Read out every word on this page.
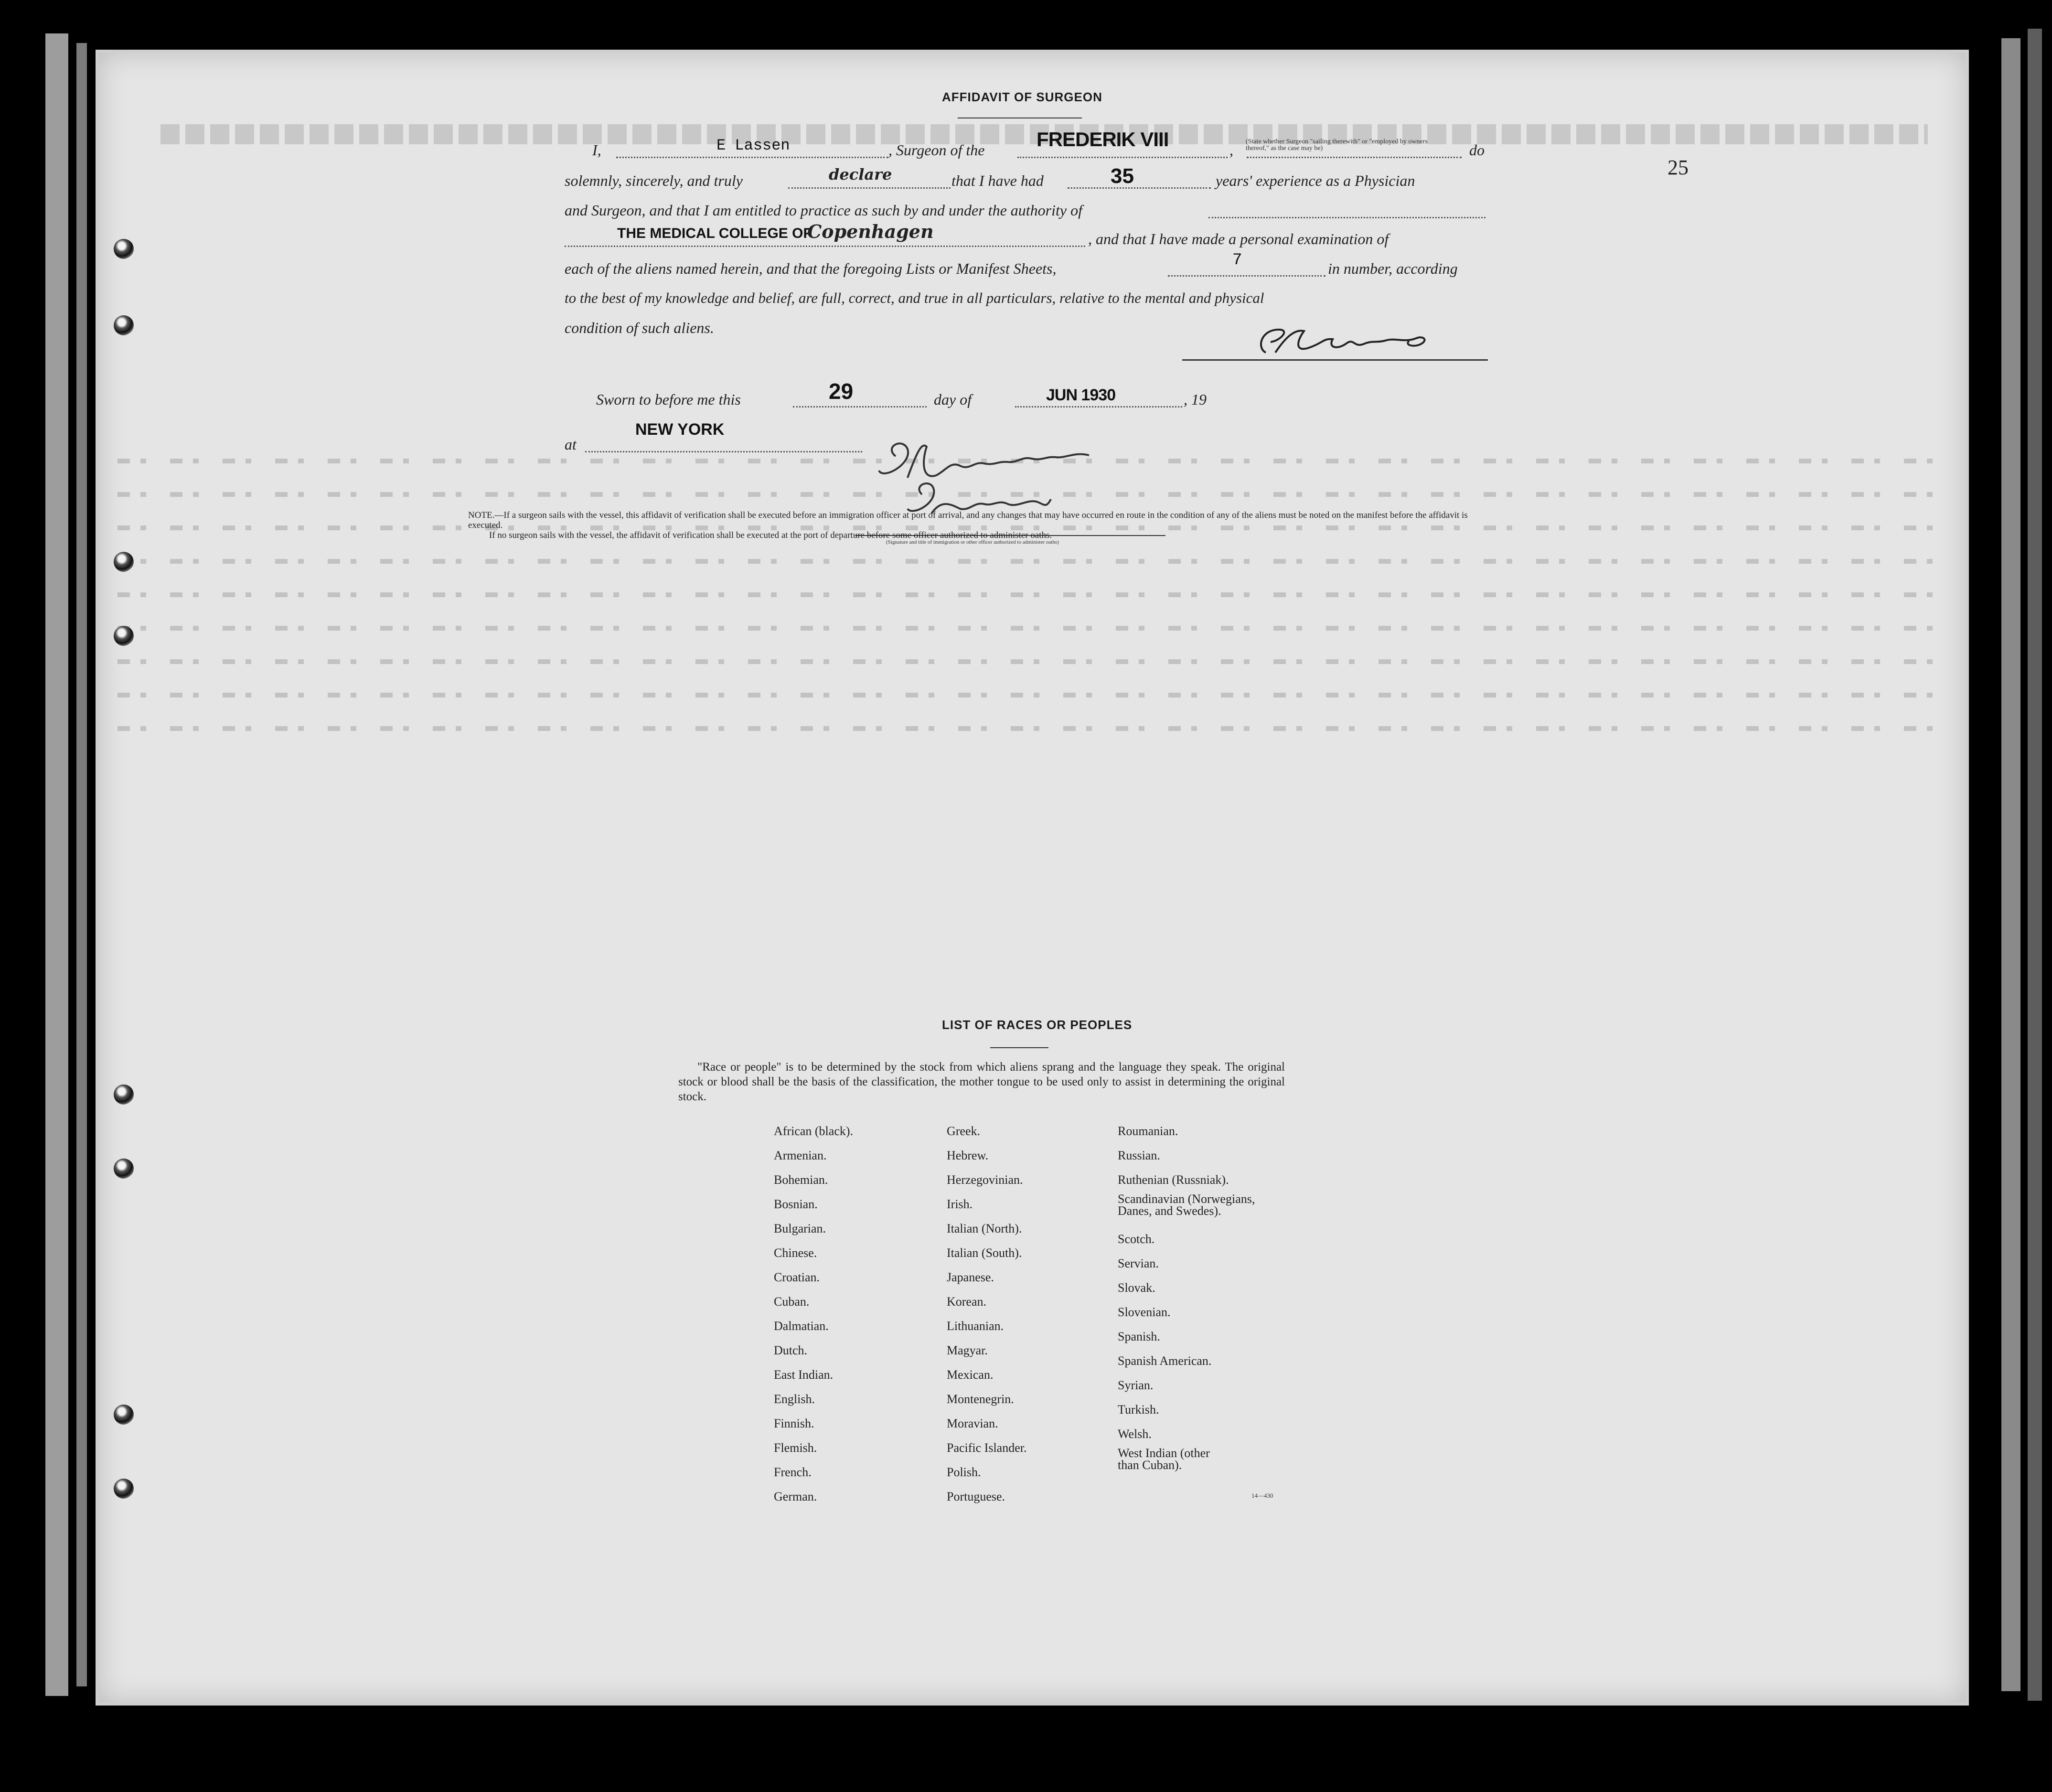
25
AFFIDAVIT OF SURGEON
I,	E Lassen	, Surgeon of the	FREDERIK VIII	, (State whether Surgeon "sailing therewith" or "employed by owners thereof," as the case may be)	do
solemnly, sincerely, and truly	declare	that I have had	35	years' experience as a Physician
and Surgeon, and that I am entitled to practice as such by and under the authority of
THE MEDICAL COLLEGE OF
Copenhagen	, and that I have made a personal examination of
each of the aliens named herein, and that the foregoing Lists or Manifest Sheets,	7	in number, according
to the best of my knowledge and belief, are full, correct, and true in all particulars, relative to the mental and physical
condition of such aliens.
Sworn to before me this	29	day of	JUN 1930	, 19
at
NEW YORK
(Signature and title of immigration or other officer authorized to administer oaths)

NOTE.—If a surgeon sails with the vessel, this affidavit of verification shall be executed before an immigration officer at port of arrival, and any changes that may have occurred en route in the condition of any of the aliens must be noted on the manifest before the affidavit is executed.

If no surgeon sails with the vessel, the affidavit of verification shall be executed at the port of departure before some officer authorized to administer oaths.

LIST OF RACES OR PEOPLES
"Race or people" is to be determined by the stock from which aliens sprang and the language they speak. The original stock or blood shall be the basis of the classification, the mother tongue to be used only to assist in determining the original stock.
African (black).
Armenian.
Bohemian.
Bosnian.
Bulgarian.
Chinese.
Croatian.
Cuban.
Dalmatian.
Dutch.
East Indian.
English.
Finnish.
Flemish.
French.
German.
Greek.
Hebrew.
Herzegovinian.
Irish.
Italian (North).
Italian (South).
Japanese.
Korean.
Lithuanian.
Magyar.
Mexican.
Montenegrin.
Moravian.
Pacific Islander.
Polish.
Portuguese.
Roumanian.
Russian.
Ruthenian (Russniak).
Scandinavian (Norwegians, Danes, and Swedes).
Scotch.
Servian.
Slovak.
Slovenian.
Spanish.
Spanish American.
Syrian.
Turkish.
Welsh.
West Indian (other than Cuban).
14—430
